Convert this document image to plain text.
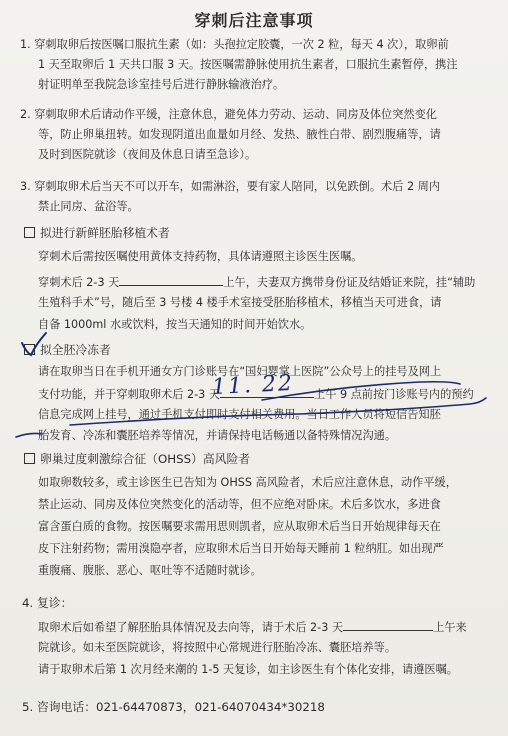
穿刺后注意事项
1. 穿刺取卵后按医嘱口服抗生素（如：头孢拉定胶囊，一次 2 粒，每天 4 次），取卵前
1 天至取卵后 1 天共口服 3 天。按医嘱需静脉使用抗生素者，口服抗生素暂停，携注
射证明单至我院急诊室挂号后进行静脉输液治疗。
2. 穿刺取卵术后请动作平缓，注意休息，避免体力劳动、运动、同房及体位突然变化
等，防止卵巢扭转。如发现阴道出血量如月经、发热、腋性白带、剧烈腹痛等，请
及时到医院就诊（夜间及休息日请至急诊）。
3. 穿刺取卵术后当天不可以开车，如需淋浴，要有家人陪同，以免跌倒。术后 2 周内
禁止同房、盆浴等。
拟进行新鲜胚胎移植术者
穿刺术后需按医嘱使用黄体支持药物，具体请遵照主诊医生医嘱。
穿刺术后 2-3 天	上午，夫妻双方携带身份证及结婚证来院，挂“辅助
生殖科手术”号，随后至 3 号楼 4 楼手术室接受胚胎移植术，移植当天可进食，请
自备 1000ml 水或饮料，按当天通知的时间开始饮水。
拟全胚冷冻者
请在取卵当日在手机开通女方门诊账号在“国妇婴掌上医院”公众号上的挂号及网上
支付功能，并于穿刺取卵术后 2-3 天	上午 9 点前按门诊账号内的预约
信息完成网上挂号，通过手机支付即时支付相关费用。当日工作人员将短信告知胚
胎发育、冷冻和囊胚培养等情况，并请保持电话畅通以备特殊情况沟通。
卵巢过度刺激综合征（OHSS）高风险者
如取卵数较多，或主诊医生已告知为 OHSS 高风险者，术后应注意休息，动作平缓，
禁止运动、同房及体位突然变化的活动等，但不应绝对卧床。术后多饮水，多进食
富含蛋白质的食物。按医嘱要求需用思则凯者，应从取卵术后当日开始规律每天在
皮下注射药物；需用溴隐亭者，应取卵术后当日开始每天睡前 1 粒纳肛。如出现严
重腹痛、腹胀、恶心、呕吐等不适随时就诊。
4. 复诊：
取卵术后如希望了解胚胎具体情况及去向等，请于术后 2-3 天	上午来
院就诊。如未至医院就诊，将按照中心常规进行胚胎冷冻、囊胚培养等。
请于取卵术后第 1 次月经来潮的 1-5 天复诊，如主诊医生有个体化安排，请遵医嘱。
5. 咨询电话：021-64470873，021-64070434*30218
11. 22
